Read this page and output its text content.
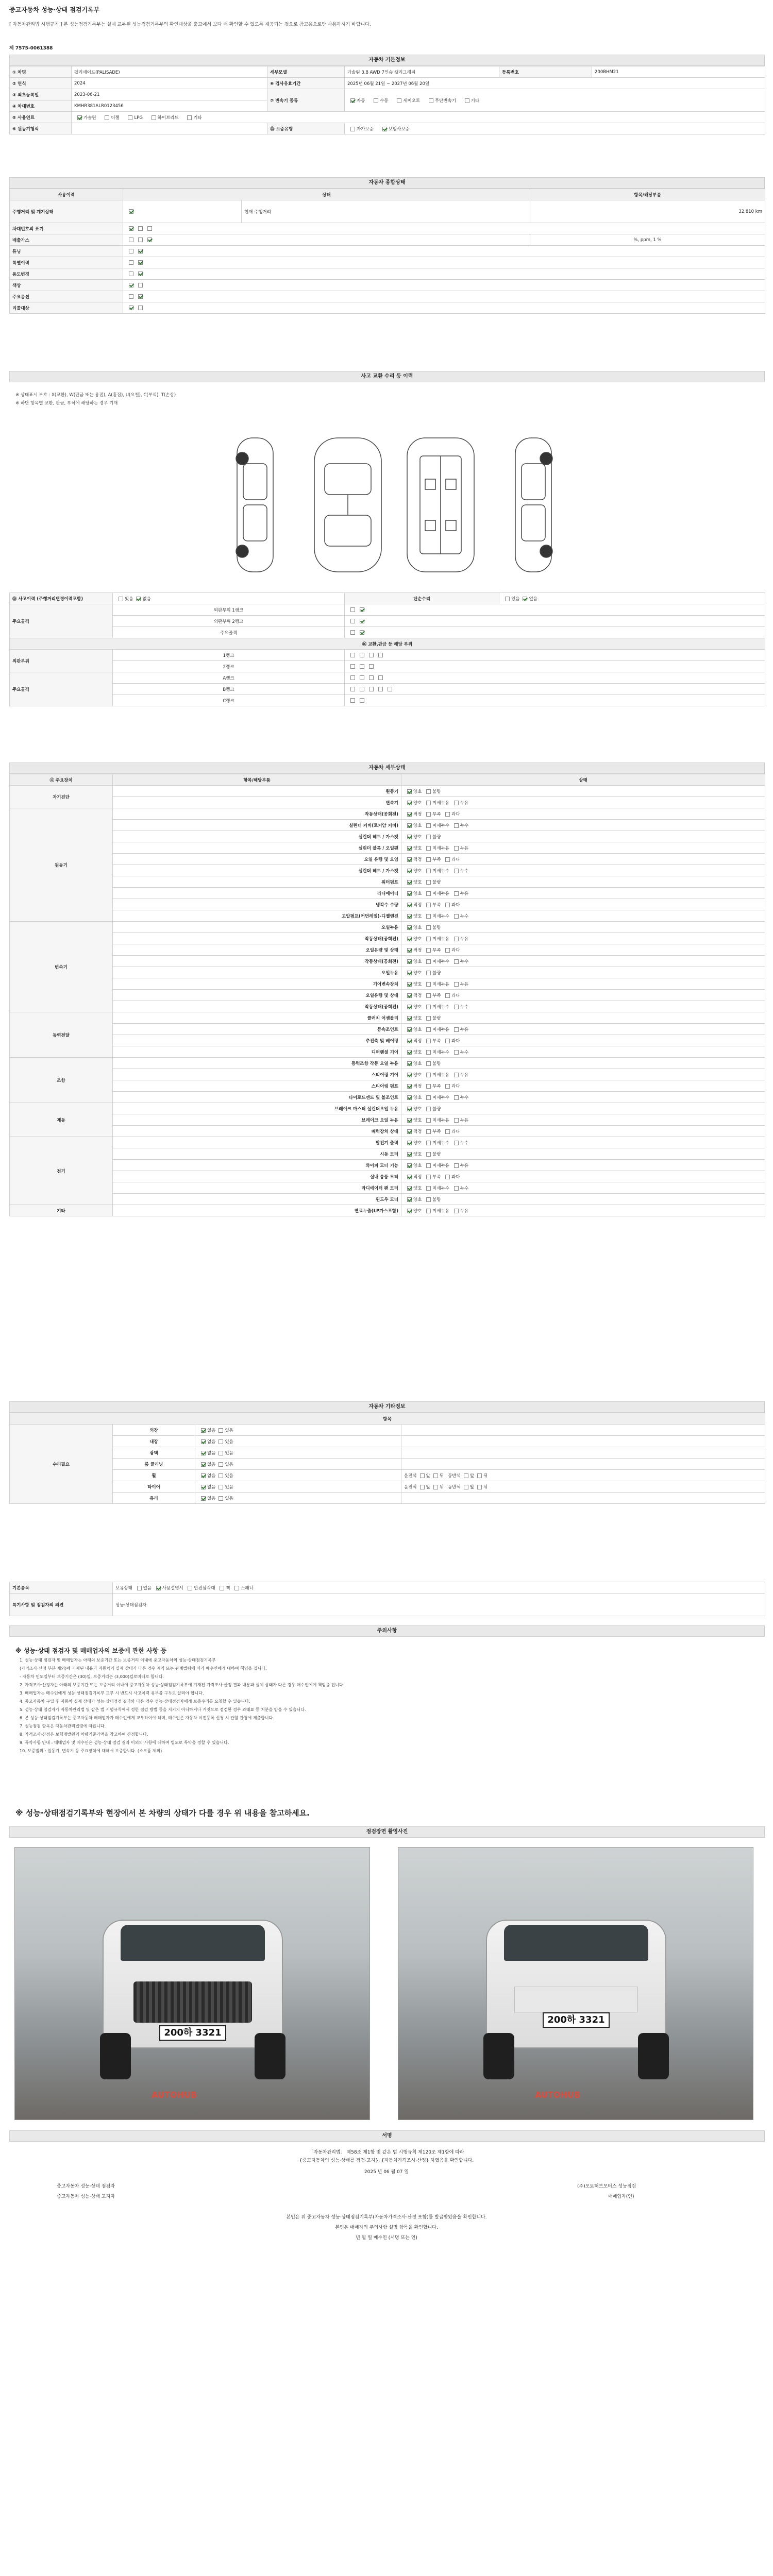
중고자동차 성능·상태 점검기록부
[ 자동차관리법 시행규칙 ] 본 성능점검기록부는 실제 교부된 성능점검기록부의 확인대상을 출고에서 보다 더 확인할 수 있도록 제공되는 것으로 참고용으로만 사용하시기 바랍니다.
제 7575-0061388
자동차 기본정보
① 차명	펠리세이드(PALISADE)	세부모델	가솔린 3.8 AWD 7인승 캘리그래피	등록번호	200BHM21
② 연식	2024	⑥ 검사유효기간	2025년 06월 21일 ~ 2027년 06월 20일		
③ 최초등록일	2023-06-21	⑦ 변속기 종류	자동 수동 세미오토 무단변속기 기타		
④ 차대번호	KMHR381ALR0123456				
⑤ 사용연료	가솔린 디젤 LPG 하이브리드 기타				
⑥ 원동기형식		⑬ 보증유형	자가보증 보험사보증		
자동차 종합상태
사용이력	상태		항목/해당부품
주행거리 및 계기상태		현재 주행거리	32,810 km
차대번호의 표기			
배출가스			%, ppm, 1 %
튜닝			
특별이력			
용도변경			
색상			
주요옵션			
리콜대상			
사고 교환 수리 등 이력
※ 상태표시 부호 : X(교환), W(판금 또는 용접), A(흠집), U(요철), C(부식), T(손상)
※ 하단 항목별 교환, 판금, 부식에 해당하는 경우 기재
⑮ 사고이력 (주행거리변경이력포함)	있음 없음	단순수리	있음 없음
주요골격	외판부위 1랭크		
	외판부위 2랭크		
	주요골격		
⑯ 교환,판금 등 해당 부위			
외판부위	1랭크		
	2랭크		
주요골격	A랭크		
	B랭크		
	C랭크		
자동차 세부상태
⑰ 주요장치	항목/해당부품	상태
자기진단	원동기	양호 불량
	변속기	양호 미세누유 누유
원동기	작동상태(공회전)	적정 부족 과다
	실린더 커버(로커암 커버)	양호 미세누수 누수
	실린더 헤드 / 가스켓	양호 불량
	실린더 블록 / 오일팬	양호 미세누유 누유
	오일 유량 및 오염	적정 부족 과다
	실린더 헤드 / 가스켓	양호 미세누수 누수
	워터펌프	양호 불량
	라디에이터	양호 미세누유 누유
	냉각수 수량	적정 부족 과다
	고압펌프(커먼레일)-디젤엔진	양호 미세누수 누수
변속기	오일누유	양호 불량
	작동상태(공회전)	양호 미세누유 누유
	오일유량 및 상태	적정 부족 과다
	작동상태(공회전)	양호 미세누수 누수
	오일누유	양호 불량
	기어변속장치	양호 미세누유 누유
	오일유량 및 상태	적정 부족 과다
	작동상태(공회전)	양호 미세누수 누수
동력전달	클러치 어셈블리	양호 불량
	등속조인트	양호 미세누유 누유
	추진축 및 베어링	적정 부족 과다
	디퍼렌셜 기어	양호 미세누수 누수
조향	동력조향 작동 오일 누유	양호 불량
	스티어링 기어	양호 미세누유 누유
	스티어링 펌프	적정 부족 과다
	타이로드엔드 및 볼조인트	양호 미세누수 누수
제동	브레이크 마스터 실린더오일 누유	양호 불량
	브레이크 오일 누유	양호 미세누유 누유
	배력장치 상태	적정 부족 과다
전기	발전기 출력	양호 미세누수 누수
	시동 모터	양호 불량
	와이퍼 모터 기능	양호 미세누유 누유
	실내 송풍 모터	적정 부족 과다
	라디에이터 팬 모터	양호 미세누수 누수
	윈도우 모터	양호 불량
기타	연료누출(LP가스포함)	양호 미세누유 누유
자동차 기타정보
항목			
수리필요	외장	없음 있음	
	내장	없음 있음	
	광택	없음 있음	
	룸 클리닝	없음 있음	
	휠	없음 있음	운전석 앞 뒤 동반석 앞 뒤
	타이어	없음 있음	운전석 앞 뒤 동반석 앞 뒤
	유리	없음 있음	
기본품목	보유상태 없음 사용설명서 안전삼각대 잭 스패너
특기사항 및 점검자의 의견	성능·상태점검자
주의사항
※ 성능·상태 점검자 및 매매업자의 보증에 관한 사항 등
1. 성능·상태 점검자 및 매매업자는 아래의 보증기간 또는 보증거리 이내에 중고자동차의 성능·상태점검기록부
(가격조사·산정 부분 제외)에 기재된 내용과 자동차의 실제 상태가 다른 경우 계약 또는 관계법령에 따라 매수인에게 대하여 책임을 집니다.
- 자동차 인도일부터 보증기간은 (30)일, 보증거리는 (3,000)킬로미터로 합니다.
2. 가격조사·산정자는 아래의 보증기간 또는 보증거리 이내에 중고자동차 성능·상태점검기록부에 기재된 가격조사·산정 결과 내용과 실제 상태가 다른 경우 매수인에게 책임을 집니다.
3. 매매업자는 매수인에게 성능·상태점검기록부 교부 시 반드시 사고이력 유무를 구두로 알려야 합니다.
4. 중고자동차 구입 후 자동차 실제 상태가 성능·상태점검 결과와 다른 경우 성능·상태점검자에게 보증수리를 요청할 수 있습니다.
5. 성능·상태 점검자가 자동차관리법 및 같은 법 시행규칙에서 정한 점검 방법 등을 지키지 아니하거나 거짓으로 점검한 경우 과태료 등 처분을 받을 수 있습니다.
6. 본 성능·상태점검기록부는 중고자동차 매매업자가 매수인에게 교부하여야 하며, 매수인은 자동차 이전등록 신청 시 관할 관청에 제출합니다.
7. 성능점검 항목은 자동차관리법령에 따릅니다.
8. 가격조사·산정은 보험개발원의 차량기준가액을 참고하여 산정합니다.
9. 특약사항 안내 : 매매업자 및 매수인은 성능·상태 점검 결과 이외의 사항에 대하여 별도로 특약을 정할 수 있습니다.
10. 보증범위 : 원동기, 변속기 등 주요장치에 대해서 보증합니다. (소모품 제외)
※ 성능·상태점검기록부와 현장에서 본 차량의 상태가 다를 경우 위 내용을 참고하세요.
점검장면 촬영사진
200하 3321
AUTOHUB
200하 3321
AUTOHUB
서명
「자동차관리법」 제58조 제1항 및 같은 법 시행규칙 제120조 제1항에 따라
{중고자동차의 성능·상태를 점검·고지}, {자동차가격조사·산정} 하였음을 확인합니다.
2025 년 06 월 07 일
중고자동차 성능·상태 점검자	(주)오토허브모터스 성능점검
중고자동차 성능·상태 고지자	매매업자(인)
본인은 위 중고자동차 성능·상태점검기록부(자동차가격조사·산정 포함)를 발급받았음을 확인합니다.
본인은 매매자의 주의사항 설명 항목을 확인합니다.
년 월 일 매수인 (서명 또는 인)
